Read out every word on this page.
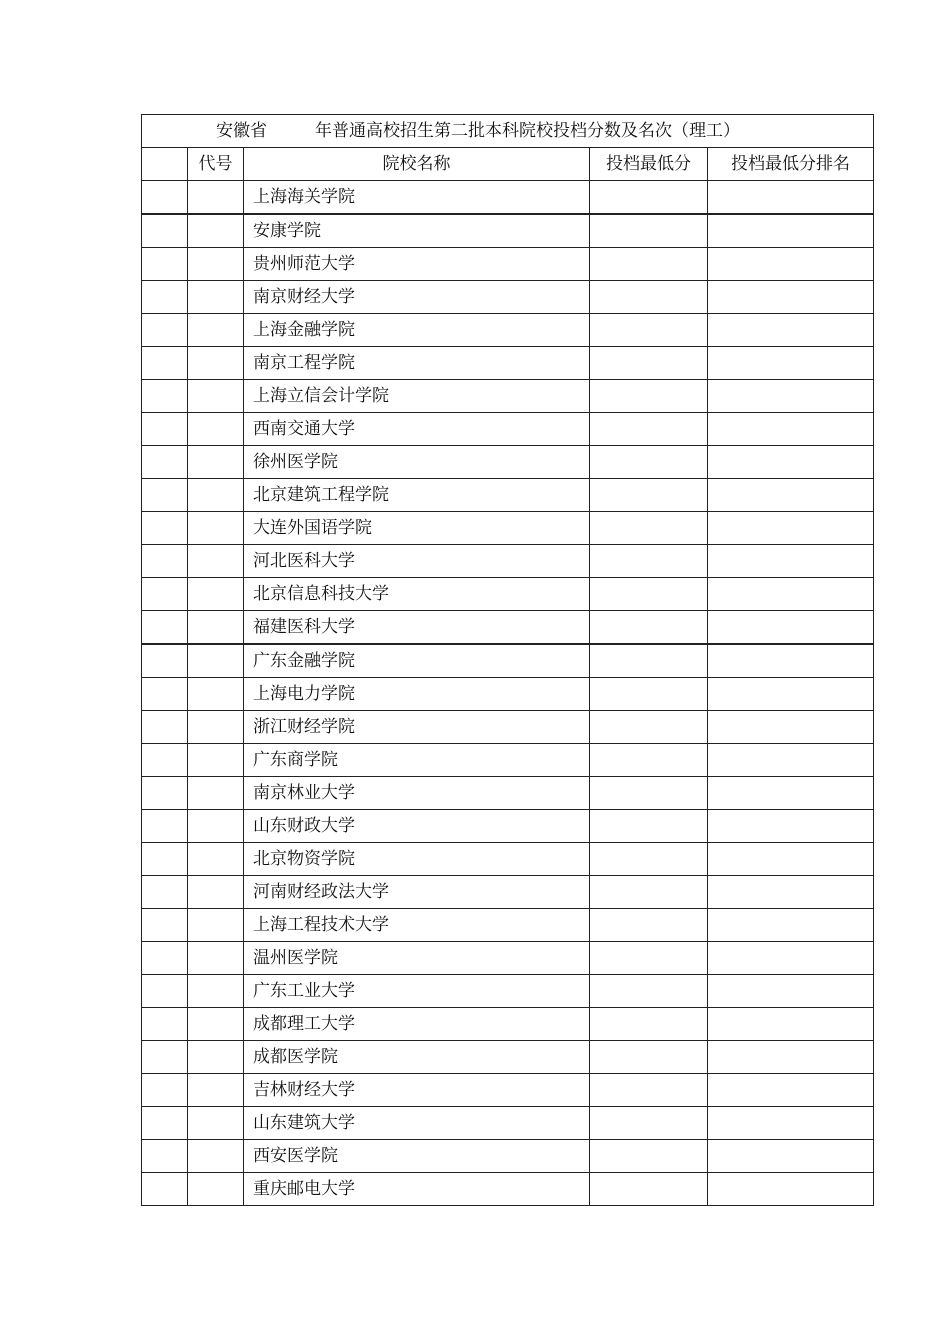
安徽省 年普通高校招生第二批本科院校投档分数及名次（理工）				
	代号	院校名称	投档最低分	投档最低分排名
		上海海关学院		
		安康学院		
		贵州师范大学		
		南京财经大学		
		上海金融学院		
		南京工程学院		
		上海立信会计学院		
		西南交通大学		
		徐州医学院		
		北京建筑工程学院		
		大连外国语学院		
		河北医科大学		
		北京信息科技大学		
		福建医科大学		
		广东金融学院		
		上海电力学院		
		浙江财经学院		
		广东商学院		
		南京林业大学		
		山东财政大学		
		北京物资学院		
		河南财经政法大学		
		上海工程技术大学		
		温州医学院		
		广东工业大学		
		成都理工大学		
		成都医学院		
		吉林财经大学		
		山东建筑大学		
		西安医学院		
		重庆邮电大学		
